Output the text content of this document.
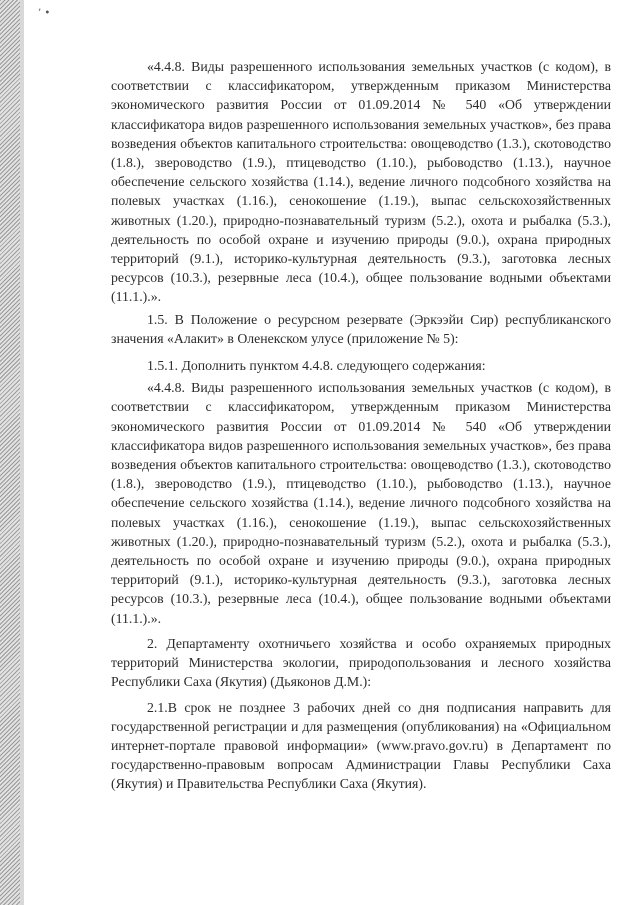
’ •

«4.4.8. Виды разрешенного использования земельных участков (с кодом), в соответствии с классификатором, утвержденным приказом Министерства экономического развития России от 01.09.2014 № 540 «Об утверждении классификатора видов разрешенного использования земельных участков», без права возведения объектов капитального строительства: овощеводство (1.3.), скотоводство (1.8.), звероводство (1.9.), птицеводство (1.10.), рыбоводство (1.13.), научное обеспечение сельского хозяйства (1.14.), ведение личного подсобного хозяйства на полевых участках (1.16.), сенокошение (1.19.), выпас сельскохозяйственных животных (1.20.), природно-познавательный туризм (5.2.), охота и рыбалка (5.3.), деятельность по особой охране и изучению природы (9.0.), охрана природных территорий (9.1.), историко-культурная деятельность (9.3.), заготовка лесных ресурсов (10.3.), резервные леса (10.4.), общее пользование водными объектами (11.1.).».

1.5. В Положение о ресурсном резервате (Эркээйи Сир) республиканского значения «Алакит» в Оленекском улусе (приложение № 5):

1.5.1. Дополнить пунктом 4.4.8. следующего содержания:

«4.4.8. Виды разрешенного использования земельных участков (с кодом), в соответствии с классификатором, утвержденным приказом Министерства экономического развития России от 01.09.2014 № 540 «Об утверждении классификатора видов разрешенного использования земельных участков», без права возведения объектов капитального строительства: овощеводство (1.3.), скотоводство (1.8.), звероводство (1.9.), птицеводство (1.10.), рыбоводство (1.13.), научное обеспечение сельского хозяйства (1.14.), ведение личного подсобного хозяйства на полевых участках (1.16.), сенокошение (1.19.), выпас сельскохозяйственных животных (1.20.), природно-познавательный туризм (5.2.), охота и рыбалка (5.3.), деятельность по особой охране и изучению природы (9.0.), охрана природных территорий (9.1.), историко-культурная деятельность (9.3.), заготовка лесных ресурсов (10.3.), резервные леса (10.4.), общее пользование водными объектами (11.1.).».

2. Департаменту охотничьего хозяйства и особо охраняемых природных территорий Министерства экологии, природопользования и лесного хозяйства Республики Саха (Якутия) (Дьяконов Д.М.):

2.1.В срок не позднее 3 рабочих дней со дня подписания направить для государственной регистрации и для размещения (опубликования) на «Официальном интернет-портале правовой информации» (www.pravo.gov.ru) в Департамент по государственно-правовым вопросам Администрации Главы Республики Саха (Якутия) и Правительства Республики Саха (Якутия).
